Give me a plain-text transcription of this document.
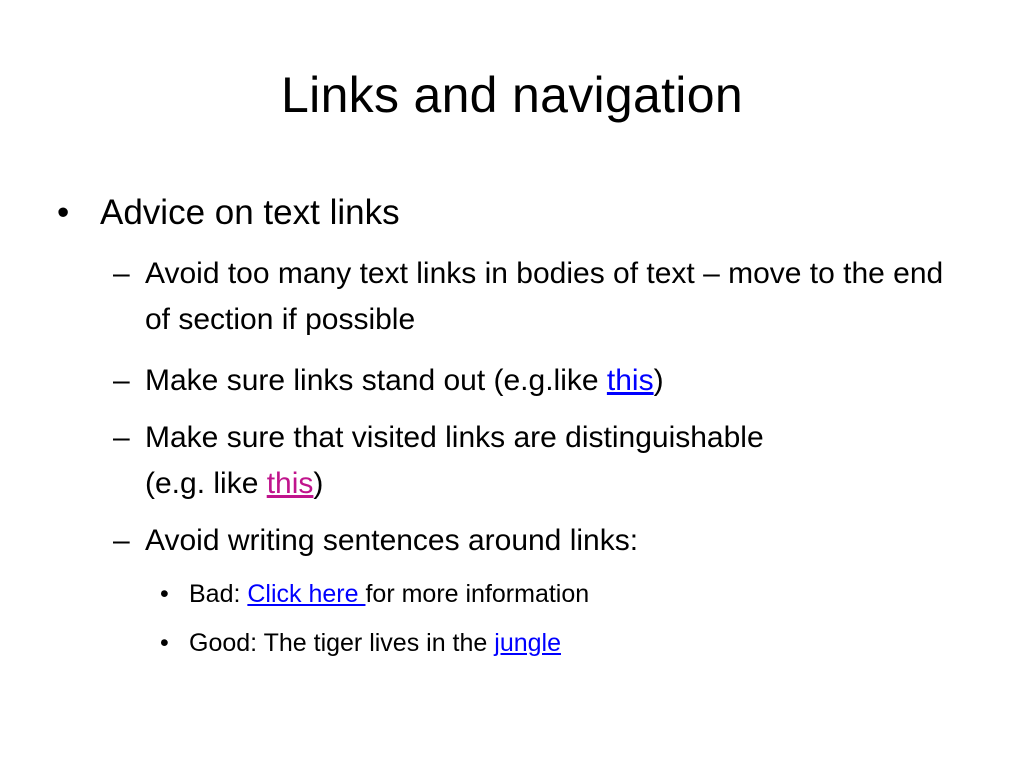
Links and navigation
• Advice on text links
– Avoid too many text links in bodies of text – move to the end of section if possible
– Make sure links stand out (e.g.like this)
– Make sure that visited links are distinguishable
(e.g. like this)
– Avoid writing sentences around links:
• Bad: Click here for more information
• Good: The tiger lives in the jungle
